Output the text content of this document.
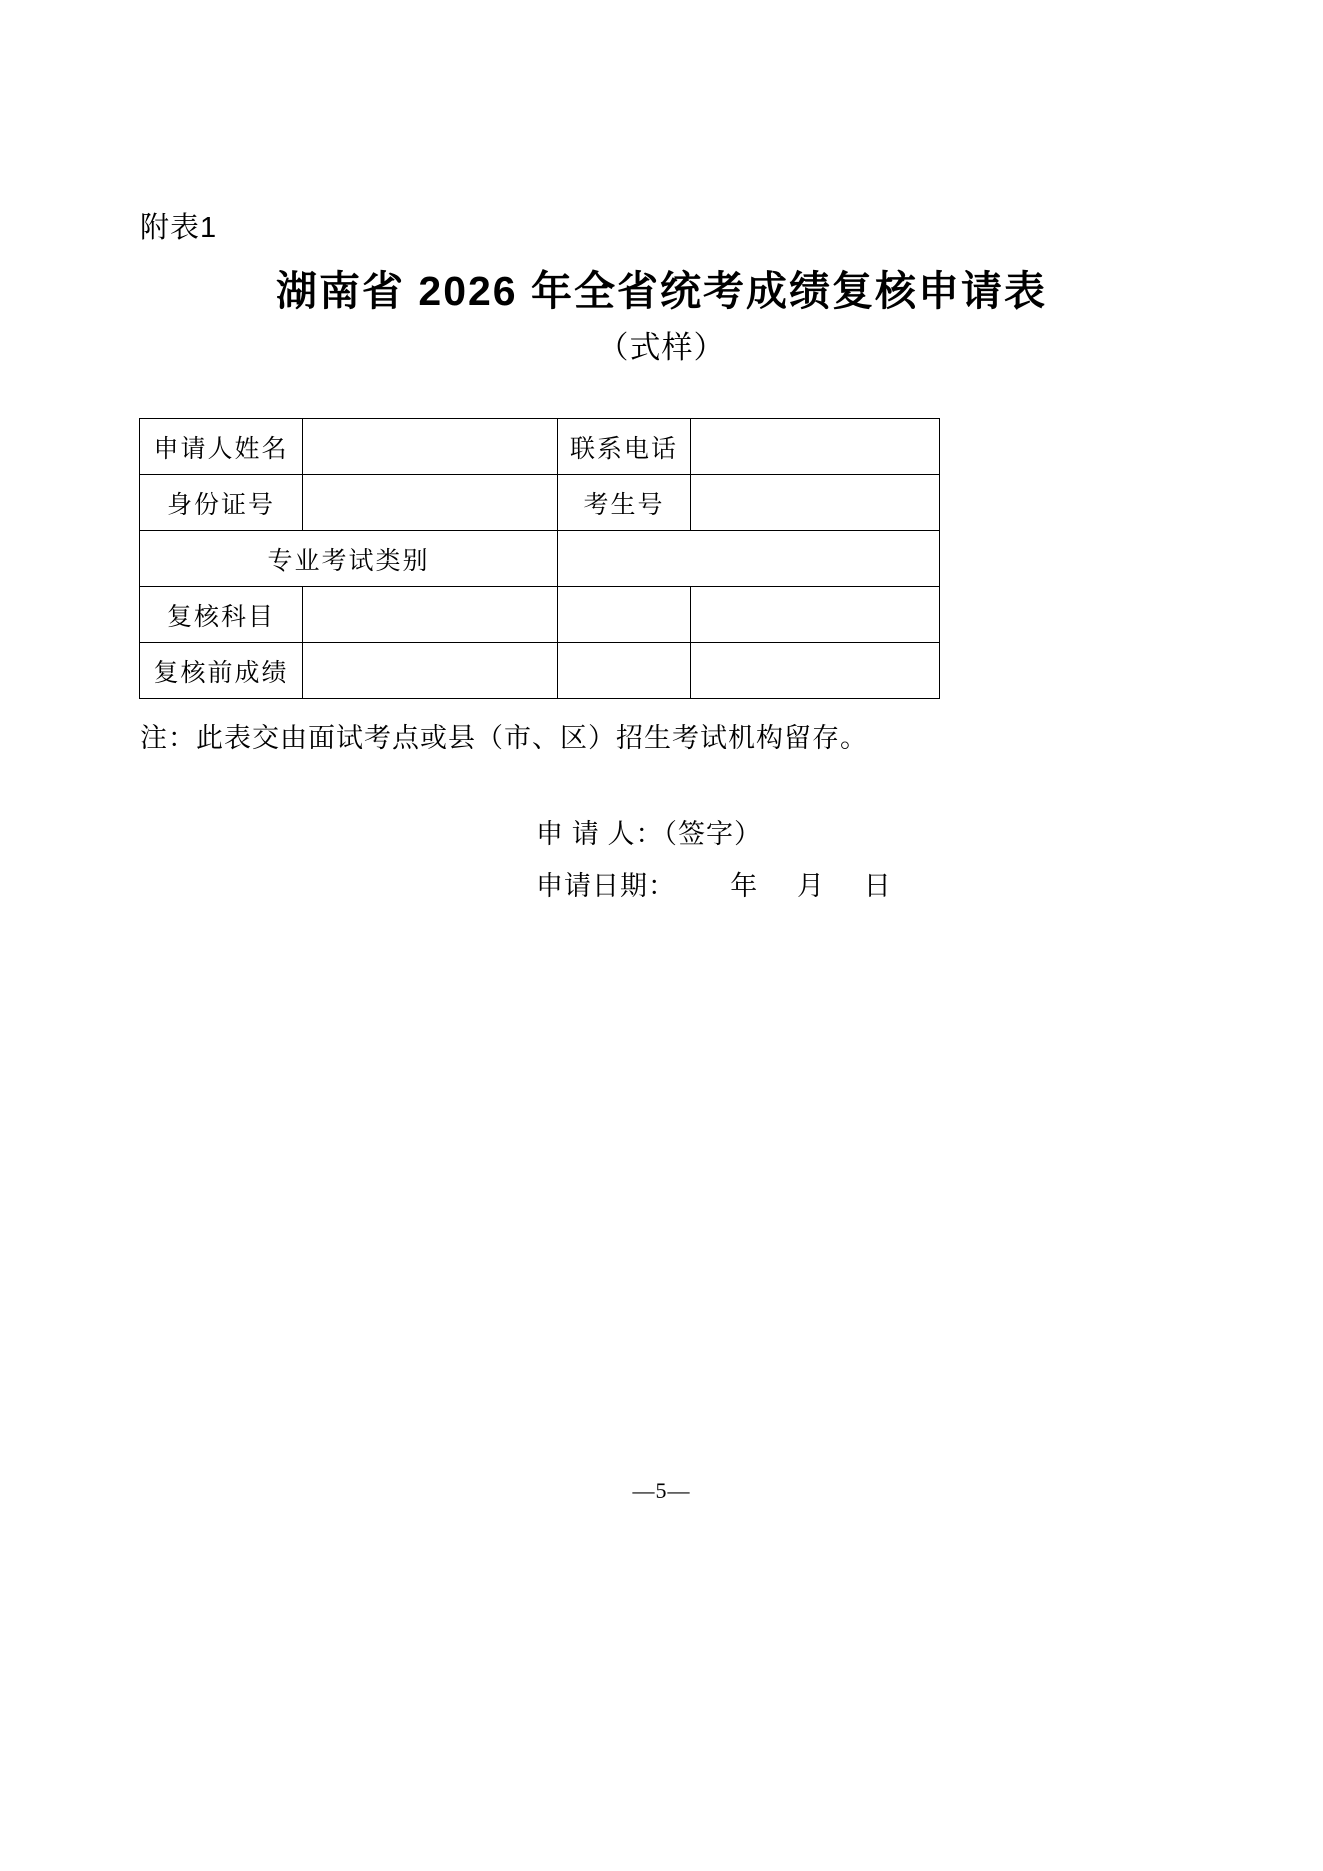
附表1
湖南省 2026 年全省统考成绩复核申请表
（式样）
申请人姓名		联系电话	
身份证号		考生号	
专业考试类别			
复核科目			
复核前成绩			
注：此表交由面试考点或县（市、区）招生考试机构留存。
申 请 人：（签字）
申请日期：       年     月     日
—5—
